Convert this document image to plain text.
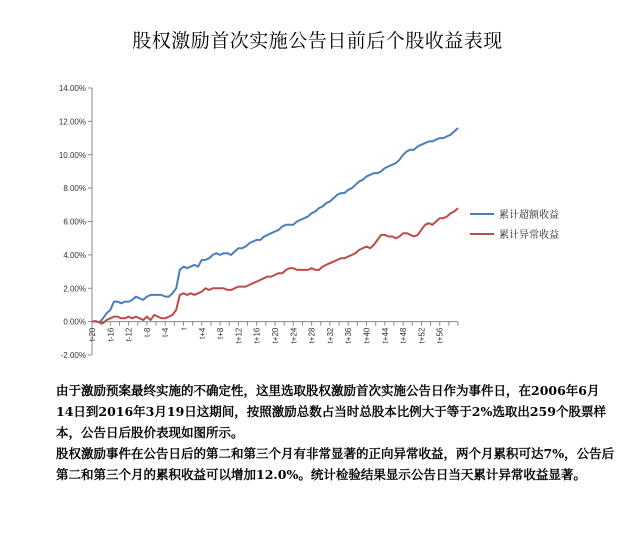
股权激励首次实施公告日前后个股收益表现
-2.00%
0.00%
2.00%
4.00%
6.00%
8.00%
10.00%
12.00%
14.00%
t-20 t-16 t-12 t-8 t-4 t t+4 t+8 t+12 t+16 t+20 t+24 t+28 t+32 t+36 t+40 t+44 t+48 t+52 t+56
累计超额收益
累计异常收益

由于激励预案最终实施的不确定性，这里选取股权激励首次实施公告日作为事件日，在2006年6月14日到2016年3月19日这期间，按照激励总数占当时总股本比例大于等于2%选取出259个股票样本，公告日后股价表现如图所示。

股权激励事件在公告日后的第二和第三个月有非常显著的正向异常收益，两个月累积可达7%，公告后第二和第三个月的累积收益可以增加12.0%。统计检验结果显示公告日当天累计异常收益显著。
